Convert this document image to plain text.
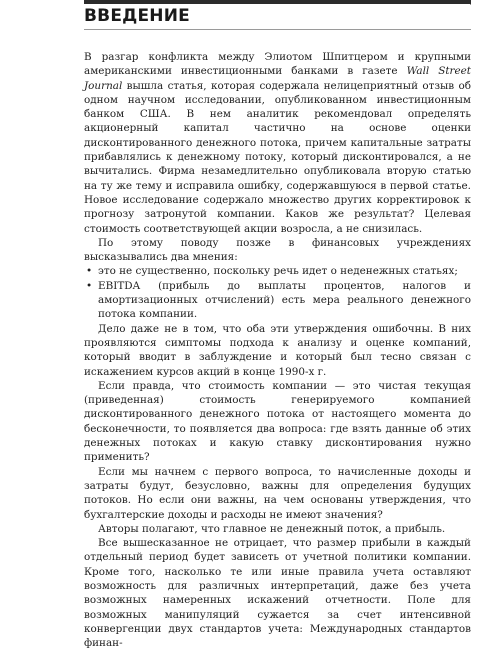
ВВЕДЕНИЕ

В разгар конфликта между Элиотом Шпитцером и крупными американскими инвестиционными банками в газете Wall Street Journal вышла статья, которая содержала нелицеприятный отзыв об одном научном исследовании, опубликованном инвестиционным банком США. В нем аналитик рекомендовал определять акционерный капитал частично на основе оценки дисконтированного денежного потока, причем капитальные затраты прибавлялись к денежному потоку, который дисконтировался, а не вычитались. Фирма незамедлительно опубликовала вторую статью на ту же тему и исправила ошибку, содержавшуюся в первой статье. Новое исследование содержало множество других корректировок к прогнозу затронутой компании. Каков же результат? Целевая стоимость соответствующей акции возросла, а не снизилась.

По этому поводу позже в финансовых учреждениях высказывались два мнения:

• это не существенно, поскольку речь идет о неденежных статьях;
• EBITDA (прибыль до выплаты процентов, налогов и амортизационных отчислений) есть мера реального денежного потока компании.

Дело даже не в том, что оба эти утверждения ошибочны. В них проявляются симптомы подхода к анализу и оценке компаний, который вводит в заблуждение и который был тесно связан с искажением курсов акций в конце 1990-х г.

Если правда, что стоимость компании — это чистая текущая (приведенная) стоимость генерируемого компанией дисконтированного денежного потока от настоящего момента до бесконечности, то появляется два вопроса: где взять данные об этих денежных потоках и какую ставку дисконтирования нужно применить?

Если мы начнем с первого вопроса, то начисленные доходы и затраты будут, безусловно, важны для определения будущих потоков. Но если они важны, на чем основаны утверждения, что бухгалтерские доходы и расходы не имеют значения?

Авторы полагают, что главное не денежный поток, а прибыль.

Все вышесказанное не отрицает, что размер прибыли в каждый отдельный период будет зависеть от учетной политики компании. Кроме того, насколько те или иные правила учета оставляют возможность для различных интерпретаций, даже без учета возможных намеренных искажений отчетности. Поле для возможных манипуляций сужается за счет интенсивной конвергенции двух стандартов учета: Международных стандартов финан-
